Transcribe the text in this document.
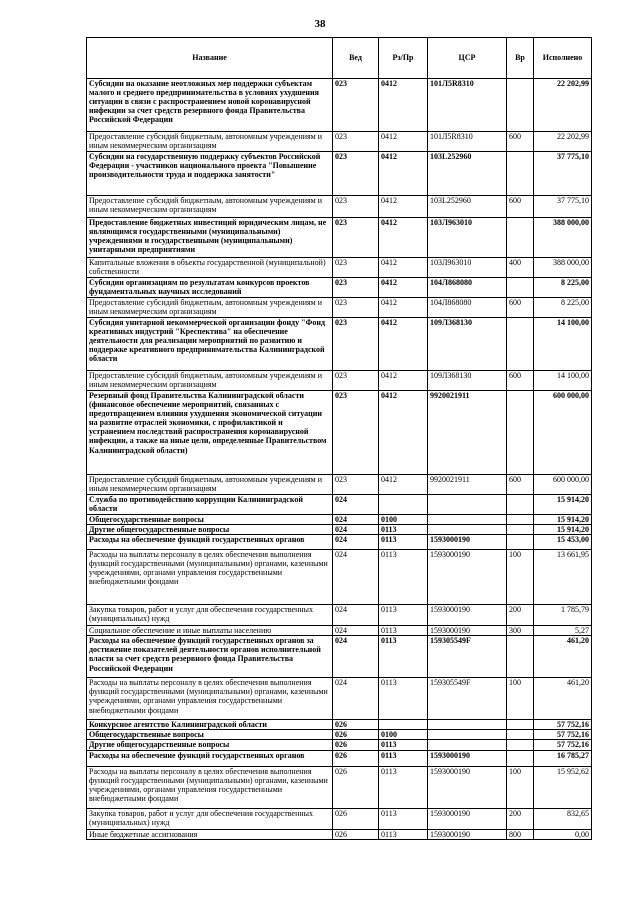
38
Название	Вед	Рз/Пр	ЦСР	Вр	Исполнено
Субсидии на оказание неотложных мер поддержки субъектам малого и среднего предпринимательства в условиях ухудшения ситуации в связи с распространением новой коронавирусной инфекции за счет средств резервного фонда Правительства Российской Федерации	023	0412	101Л5R8310		22 202,99
Предоставление субсидий бюджетным, автономным учреждениям и иным некоммерческим организациям	023	0412	101Л5R8310	600	22 202,99
Субсидии на государственную поддержку субъектов Российской Федерации - участников национального проекта "Повышение производительности труда и поддержка занятости"	023	0412	103L252960		37 775,10
Предоставление субсидий бюджетным, автономным учреждениям и иным некоммерческим организациям	023	0412	103L252960	600	37 775,10
Предоставление бюджетных инвестиций юридическим лицам, не являющимся государственными (муниципальными) учреждениями и государственными (муниципальными) унитарными предприятиями	023	0412	103Л963010		388 000,00
Капитальные вложения в объекты государственной (муниципальной) собственности	023	0412	103Л963010	400	388 000,00
Субсидии организациям по результатам конкурсов проектов фундаментальных научных исследований	023	0412	104Л868080		8 225,00
Предоставление субсидий бюджетным, автономным учреждениям и иным некоммерческим организациям	023	0412	104Л868080	600	8 225,00
Субсидия унитарной некоммерческой организации фонду "Фонд креативных индустрий "Креспектива" на обеспечение деятельности для реализации мероприятий по развитию и поддержке креативного предпринимательства Калининградской области	023	0412	109Л368130		14 100,00
Предоставление субсидий бюджетным, автономным учреждениям и иным некоммерческим организациям	023	0412	109Л368130	600	14 100,00
Резервный фонд Правительства Калининградской области (финансовое обеспечение мероприятий, связанных с предотвращением влияния ухудшения экономической ситуации на развитие отраслей экономики, с профилактикой и устранением последствий распространения коронавирусной инфекции, а также на иные цели, определенные Правительством Калининградской области)	023	0412	9920021911		600 000,00
Предоставление субсидий бюджетным, автономным учреждениям и иным некоммерческим организациям	023	0412	9920021911	600	600 000,00
Служба по противодействию коррупции Калининградской области	024				15 914,20
Общегосударственные вопросы	024	0100			15 914,20
Другие общегосударственные вопросы	024	0113			15 914,20
Расходы на обеспечение функций государственных органов	024	0113	1593000190		15 453,00
Расходы на выплаты персоналу в целях обеспечения выполнения функций государственными (муниципальными) органами, казенными учреждениями, органами управления государственными внебюджетными фондами	024	0113	1593000190	100	13 661,95
Закупка товаров, работ и услуг для обеспечения государственных (муниципальных) нужд	024	0113	1593000190	200	1 785,79
Социальное обеспечение и иные выплаты населению	024	0113	1593000190	300	5,27
Расходы на обеспечение функций государственных органов за достижение показателей деятельности органов исполнительной власти за счет средств резервного фонда Правительства Российской Федерации	024	0113	159305549F		461,20
Расходы на выплаты персоналу в целях обеспечения выполнения функций государственными (муниципальными) органами, казенными учреждениями, органами управления государственными внебюджетными фондами	024	0113	159305549F	100	461,20
Конкурсное агентство Калининградской области	026				57 752,16
Общегосударственные вопросы	026	0100			57 752,16
Другие общегосударственные вопросы	026	0113			57 752,16
Расходы на обеспечение функций государственных органов	026	0113	1593000190		16 785,27
Расходы на выплаты персоналу в целях обеспечения выполнения функций государственными (муниципальными) органами, казенными учреждениями, органами управления государственными внебюджетными фондами	026	0113	1593000190	100	15 952,62
Закупка товаров, работ и услуг для обеспечения государственных (муниципальных) нужд	026	0113	1593000190	200	832,65
Иные бюджетные ассигнования	026	0113	1593000190	800	0,00
